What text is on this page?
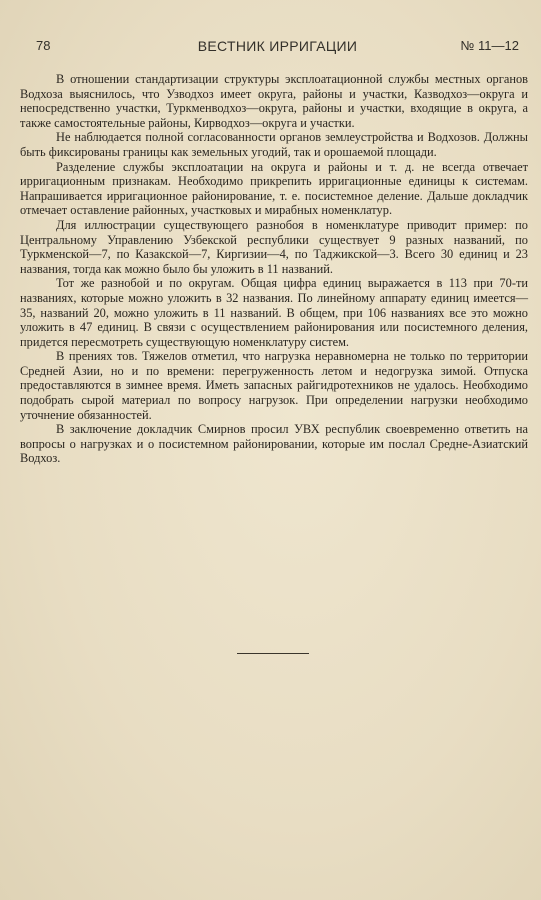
78	ВЕСТНИК ИРРИГАЦИИ	№ 11—12

В отношении стандартизации структуры эксплоатационной службы местных органов Водхоза выяснилось, что Узводхоз имеет округа, районы и участки, Казводхоз—округа и непосредственно участки, Туркменводхоз—округа, районы и участки, входящие в округа, а также самостоятельные районы, Кирводхоз—округа и участки.

Не наблюдается полной согласованности органов землеустройства и Водхозов. Должны быть фиксированы границы как земельных угодий, так и орошаемой площади.

Разделение службы эксплоатации на округа и районы и т. д. не всегда отвечает ирригационным признакам. Необходимо прикрепить ирригационные единицы к системам. Напрашивается ирригационное районирование, т. е. посистемное деление. Дальше докладчик отмечает оставление районных, участковых и мирабных номенклатур.

Для иллюстрации существующего разнобоя в номенклатуре приводит пример: по Центральному Управлению Узбекской республики существует 9 разных названий, по Туркменской—7, по Казакской—7, Киргизии—4, по Таджикской—3. Всего 30 единиц и 23 названия, тогда как можно было бы уложить в 11 названий.

Тот же разнобой и по округам. Общая цифра единиц выражается в 113 при 70-ти названиях, которые можно уложить в 32 названия. По линейному аппарату единиц имеется—35, названий 20, можно уложить в 11 названий. В общем, при 106 названиях все это можно уложить в 47 единиц. В связи с осуществлением районирования или посистемного деления, придется пересмотреть существующую номенклатуру систем.

В прениях тов. Тяжелов отметил, что нагрузка неравномерна не только по территории Средней Азии, но и по времени: перегруженность летом и недогрузка зимой. Отпуска предоставляются в зимнее время. Иметь запасных райгидротехников не удалось. Необходимо подобрать сырой материал по вопросу нагрузок. При определении нагрузки необходимо уточнение обязанностей.

В заключение докладчик Смирнов просил УВХ республик своевременно ответить на вопросы о нагрузках и о посистемном районировании, которые им послал Средне-Азиатский Водхоз.
